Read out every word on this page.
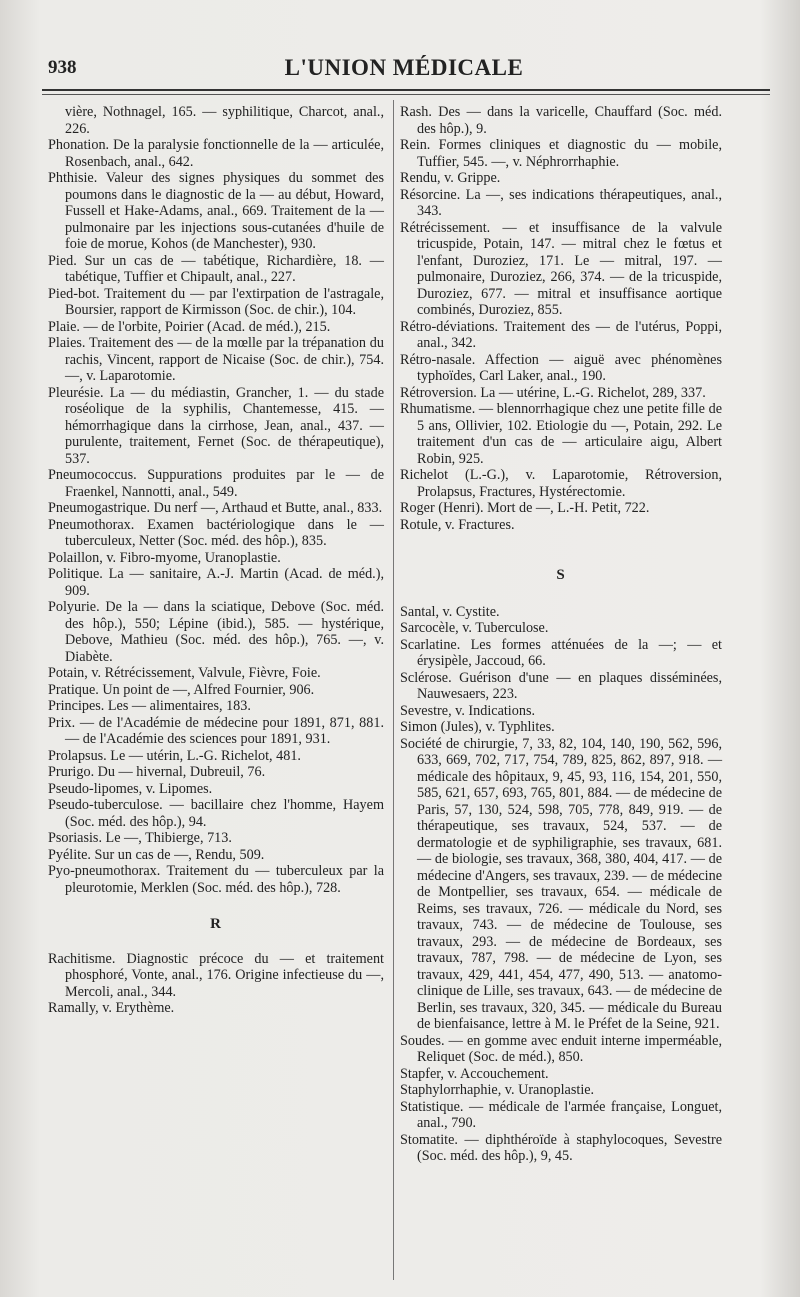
938	L'UNION MÉDICALE

vière, Nothnagel, 165. — syphilitique, Charcot, anal., 226.

Phonation. De la paralysie fonctionnelle de la — articulée, Rosenbach, anal., 642.

Phthisie. Valeur des signes physiques du sommet des poumons dans le diagnostic de la — au début, Howard, Fussell et Hake-Adams, anal., 669. Traitement de la — pulmonaire par les injections sous-cutanées d'huile de foie de morue, Kohos (de Manchester), 930.

Pied. Sur un cas de — tabétique, Richardière, 18. — tabétique, Tuffier et Chipault, anal., 227.

Pied-bot. Traitement du — par l'extirpation de l'astragale, Boursier, rapport de Kirmisson (Soc. de chir.), 104.

Plaie. — de l'orbite, Poirier (Acad. de méd.), 215.

Plaies. Traitement des — de la mœlle par la trépanation du rachis, Vincent, rapport de Nicaise (Soc. de chir.), 754. —, v. Laparotomie.

Pleurésie. La — du médiastin, Grancher, 1. — du stade roséolique de la syphilis, Chantemesse, 415. — hémorrhagique dans la cirrhose, Jean, anal., 437. — purulente, traitement, Fernet (Soc. de thérapeutique), 537.

Pneumococcus. Suppurations produites par le — de Fraenkel, Nannotti, anal., 549.

Pneumogastrique. Du nerf —, Arthaud et Butte, anal., 833.

Pneumothorax. Examen bactériologique dans le — tuberculeux, Netter (Soc. méd. des hôp.), 835.

Polaillon, v. Fibro-myome, Uranoplastie.

Politique. La — sanitaire, A.-J. Martin (Acad. de méd.), 909.

Polyurie. De la — dans la sciatique, Debove (Soc. méd. des hôp.), 550; Lépine (ibid.), 585. — hystérique, Debove, Mathieu (Soc. méd. des hôp.), 765. —, v. Diabète.

Potain, v. Rétrécissement, Valvule, Fièvre, Foie.

Pratique. Un point de —, Alfred Fournier, 906.

Principes. Les — alimentaires, 183.

Prix. — de l'Académie de médecine pour 1891, 871, 881. — de l'Académie des sciences pour 1891, 931.

Prolapsus. Le — utérin, L.-G. Richelot, 481.

Prurigo. Du — hivernal, Dubreuil, 76.

Pseudo-lipomes, v. Lipomes.

Pseudo-tuberculose. — bacillaire chez l'homme, Hayem (Soc. méd. des hôp.), 94.

Psoriasis. Le —, Thibierge, 713.

Pyélite. Sur un cas de —, Rendu, 509.

Pyo-pneumothorax. Traitement du — tuberculeux par la pleurotomie, Merklen (Soc. méd. des hôp.), 728.

R

Rachitisme. Diagnostic précoce du — et traitement phosphoré, Vonte, anal., 176. Origine infectieuse du —, Mercoli, anal., 344.

Ramally, v. Erythème.

Rash. Des — dans la varicelle, Chauffard (Soc. méd. des hôp.), 9.

Rein. Formes cliniques et diagnostic du — mobile, Tuffier, 545. —, v. Néphrorrhaphie.

Rendu, v. Grippe.

Résorcine. La —, ses indications thérapeutiques, anal., 343.

Rétrécissement. — et insuffisance de la valvule tricuspide, Potain, 147. — mitral chez le fœtus et l'enfant, Duroziez, 171. Le — mitral, 197. — pulmonaire, Duroziez, 266, 374. — de la tricuspide, Duroziez, 677. — mitral et insuffisance aortique combinés, Duroziez, 855.

Rétro-déviations. Traitement des — de l'utérus, Poppi, anal., 342.

Rétro-nasale. Affection — aiguë avec phénomènes typhoïdes, Carl Laker, anal., 190.

Rétroversion. La — utérine, L.-G. Richelot, 289, 337.

Rhumatisme. — blennorrhagique chez une petite fille de 5 ans, Ollivier, 102. Etiologie du —, Potain, 292. Le traitement d'un cas de — articulaire aigu, Albert Robin, 925.

Richelot (L.-G.), v. Laparotomie, Rétroversion, Prolapsus, Fractures, Hystérectomie.

Roger (Henri). Mort de —, L.-H. Petit, 722.

Rotule, v. Fractures.

S

Santal, v. Cystite.

Sarcocèle, v. Tuberculose.

Scarlatine. Les formes atténuées de la —; — et érysipèle, Jaccoud, 66.

Sclérose. Guérison d'une — en plaques disséminées, Nauwesaers, 223.

Sevestre, v. Indications.

Simon (Jules), v. Typhlites.

Société de chirurgie, 7, 33, 82, 104, 140, 190, 562, 596, 633, 669, 702, 717, 754, 789, 825, 862, 897, 918. — médicale des hôpitaux, 9, 45, 93, 116, 154, 201, 550, 585, 621, 657, 693, 765, 801, 884. — de médecine de Paris, 57, 130, 524, 598, 705, 778, 849, 919. — de thérapeutique, ses travaux, 524, 537. — de dermatologie et de syphiligraphie, ses travaux, 681. — de biologie, ses travaux, 368, 380, 404, 417. — de médecine d'Angers, ses travaux, 239. — de médecine de Montpellier, ses travaux, 654. — médicale de Reims, ses travaux, 726. — médicale du Nord, ses travaux, 743. — de médecine de Toulouse, ses travaux, 293. — de médecine de Bordeaux, ses travaux, 787, 798. — de médecine de Lyon, ses travaux, 429, 441, 454, 477, 490, 513. — anatomo-clinique de Lille, ses travaux, 643. — de médecine de Berlin, ses travaux, 320, 345. — médicale du Bureau de bienfaisance, lettre à M. le Préfet de la Seine, 921.

Soudes. — en gomme avec enduit interne imperméable, Reliquet (Soc. de méd.), 850.

Stapfer, v. Accouchement.

Staphylorrhaphie, v. Uranoplastie.

Statistique. — médicale de l'armée française, Longuet, anal., 790.

Stomatite. — diphthéroïde à staphylocoques, Sevestre (Soc. méd. des hôp.), 9, 45.
